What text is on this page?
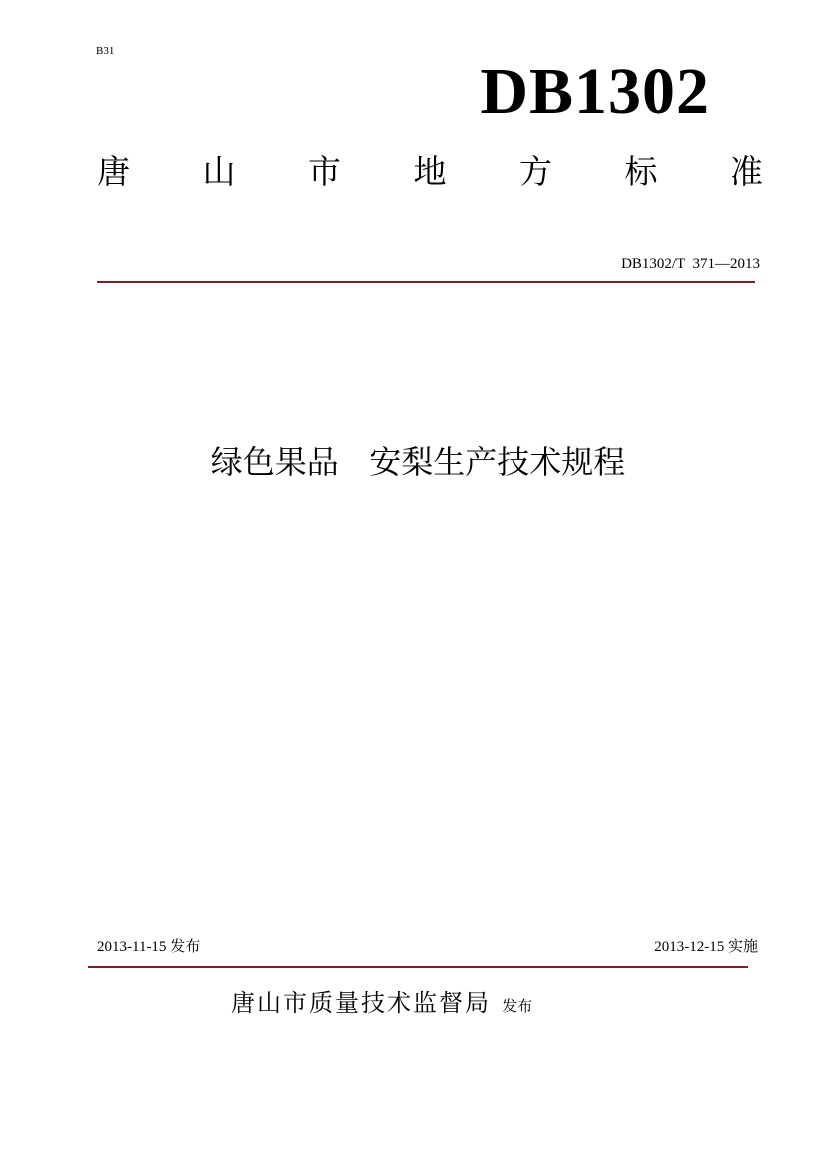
B31
DB1302
唐 山 市 地 方 标 准
DB1302/T  371—2013
绿色果品   安梨生产技术规程
2013-11-15 发布	2013-12-15 实施
唐山市质量技术监督局 发布
